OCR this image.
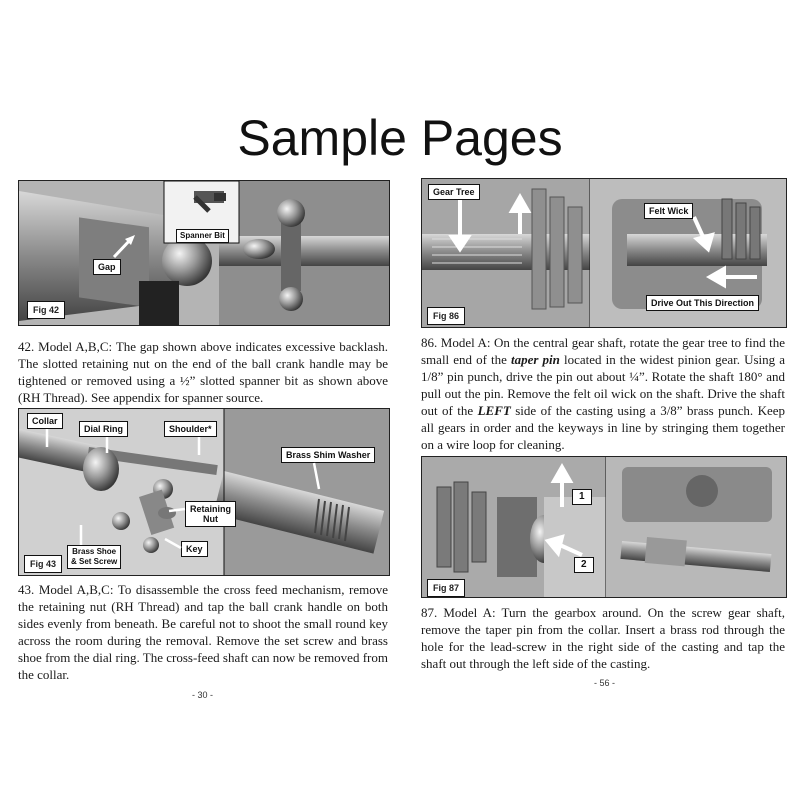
Sample Pages
Spanner Bit
Gap
Fig 42
42. Model A,B,C: The gap shown above indicates excessive backlash. The slotted retaining nut on the end of the ball crank handle may be tightened or removed using a ½” slotted spanner bit as shown above (RH Thread). See appendix for spanner source.
Collar
Dial Ring	Shoulder*
Brass Shim Washer
Retaining
Nut
Key
Brass Shoe
& Set Screw
Fig 43
43. Model A,B,C: To disassemble the cross feed mechanism, remove the retaining nut (RH Thread) and tap the ball crank handle on both sides evenly from beneath. Be careful not to shoot the small round key across the room during the removal. Remove the set screw and brass shoe from the dial ring. The cross-feed shaft can now be removed from the collar.
- 30 -
Gear Tree
Felt Wick
Drive Out This Direction
Fig 86
86. Model A: On the central gear shaft, rotate the gear tree to find the small end of the taper pin located in the widest pinion gear. Using a 1/8” pin punch, drive the pin out about ¼”. Rotate the shaft 180° and pull out the pin. Remove the felt oil wick on the shaft. Drive the shaft out of the LEFT side of the casting using a 3/8” brass punch. Keep all gears in order and the keyways in line by stringing them together on a wire loop for cleaning.
1
2
Fig 87
87. Model A: Turn the gearbox around. On the screw gear shaft, remove the taper pin from the collar. Insert a brass rod through the hole for the lead-screw in the right side of the casting and tap the shaft out through the left side of the casting.
- 56 -
